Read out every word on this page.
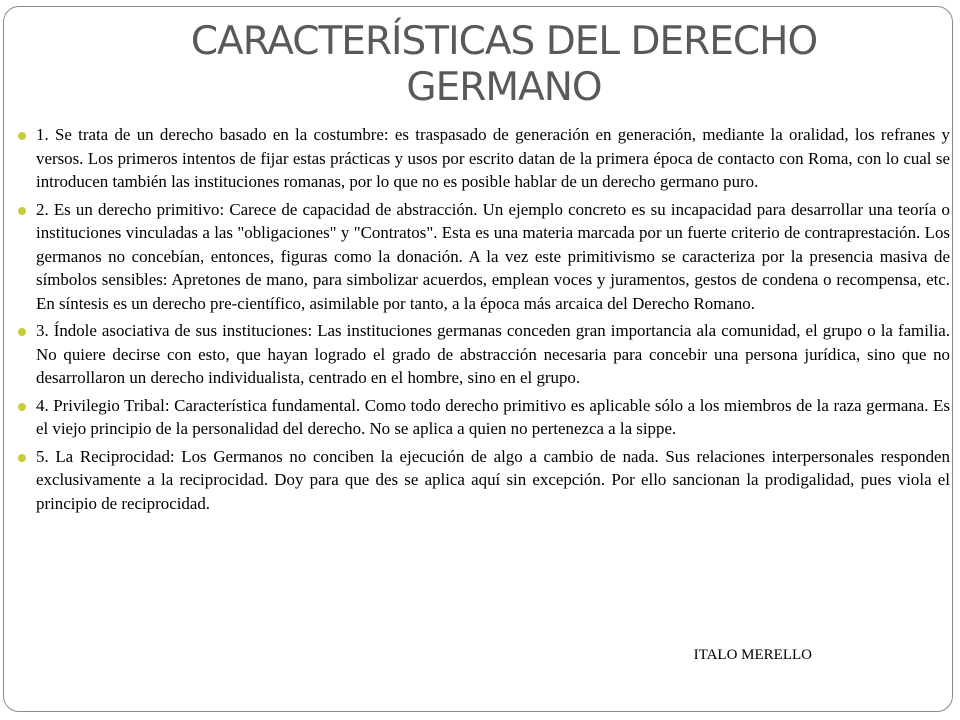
CARACTERÍSTICAS DEL DERECHO GERMANO
1. Se trata de un derecho basado en la costumbre: es traspasado de generación en generación, mediante la oralidad, los refranes y versos. Los primeros intentos de fijar estas prácticas y usos por escrito datan de la primera época de contacto con Roma, con lo cual se introducen también las instituciones romanas, por lo que no es posible hablar de un derecho germano puro.
2. Es un derecho primitivo: Carece de capacidad de abstracción. Un ejemplo concreto es su incapacidad para desarrollar una teoría o instituciones vinculadas a las "obligaciones" y "Contratos". Esta es una materia marcada por un fuerte criterio de contraprestación. Los germanos no concebían, entonces, figuras como la donación. A la vez este primitivismo se caracteriza por la presencia masiva de símbolos sensibles: Apretones de mano, para simbolizar acuerdos, emplean voces y juramentos, gestos de condena o recompensa, etc. En síntesis es un derecho pre-científico, asimilable por tanto, a la época más arcaica del Derecho Romano.
3. Índole asociativa de sus instituciones: Las instituciones germanas conceden gran importancia ala comunidad, el grupo o la familia. No quiere decirse con esto, que hayan logrado el grado de abstracción necesaria para concebir una persona jurídica, sino que no desarrollaron un derecho individualista, centrado en el hombre, sino en el grupo.
4. Privilegio Tribal: Característica fundamental. Como todo derecho primitivo es aplicable sólo a los miembros de la raza germana. Es el viejo principio de la personalidad del derecho. No se aplica a quien no pertenezca a la sippe.
5. La Reciprocidad: Los Germanos no conciben la ejecución de algo a cambio de nada. Sus relaciones interpersonales responden exclusivamente a la reciprocidad. Doy para que des se aplica aquí sin excepción. Por ello sancionan la prodigalidad, pues viola el principio de reciprocidad.
ITALO MERELLO
